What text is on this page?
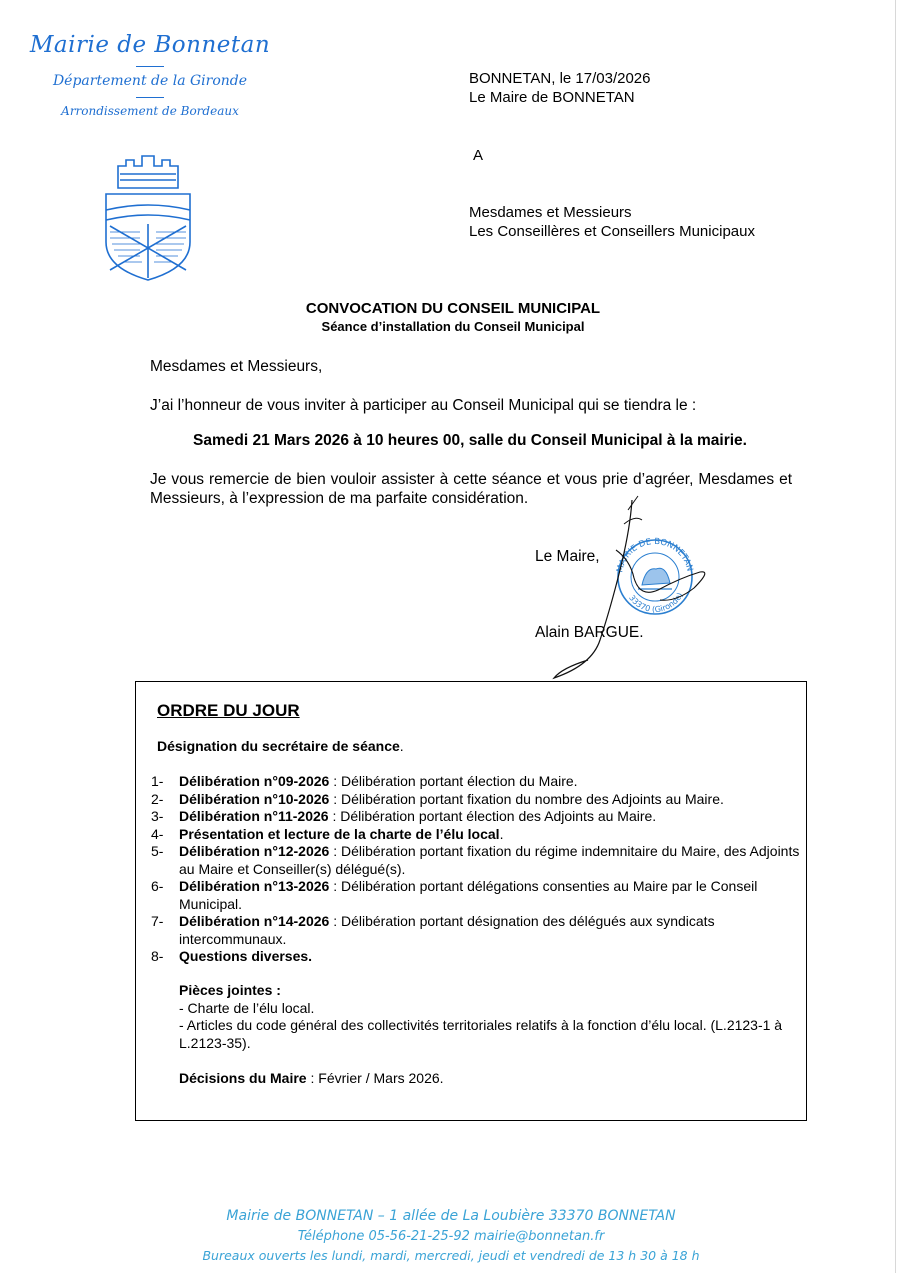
Mairie de Bonnetan
Département de la Gironde
Arrondissement de Bordeaux
BONNETAN, le 17/03/2026
Le Maire de BONNETAN
A
Mesdames et Messieurs
Les Conseillères et Conseillers Municipaux
CONVOCATION DU CONSEIL MUNICIPAL
Séance d’installation du Conseil Municipal
Mesdames et Messieurs,
J’ai l’honneur de vous inviter à participer au Conseil Municipal qui se tiendra le :
Samedi 21 Mars 2026 à 10 heures 00, salle du Conseil Municipal à la mairie.
Je vous remercie de bien vouloir assister à cette séance et vous prie d’agréer, Mesdames et Messieurs, à l’expression de ma parfaite considération.
Le Maire,
Alain BARGUE.
MAIRIE DE BONNETAN
33370 (Gironde)
ORDRE DU JOUR
Désignation du secrétaire de séance.
1-	Délibération n°09-2026 : Délibération portant élection du Maire.
2-	Délibération n°10-2026 : Délibération portant fixation du nombre des Adjoints au Maire.
3-	Délibération n°11-2026 : Délibération portant élection des Adjoints au Maire.
4-	Présentation et lecture de la charte de l’élu local.
5-	Délibération n°12-2026 : Délibération portant fixation du régime indemnitaire du Maire, des Adjoints au Maire et Conseiller(s) délégué(s).
6-	Délibération n°13-2026 : Délibération portant délégations consenties au Maire par le Conseil Municipal.
7-	Délibération n°14-2026 : Délibération portant désignation des délégués aux syndicats intercommunaux.
8-	Questions diverses.
Pièces jointes :
- Charte de l’élu local.
- Articles du code général des collectivités territoriales relatifs à la fonction d’élu local. (L.2123-1 à L.2123-35).
Décisions du Maire : Février / Mars 2026.
Mairie de BONNETAN – 1 allée de La Loubière 33370 BONNETAN
Téléphone 05-56-21-25-92 mairie@bonnetan.fr
Bureaux ouverts les lundi, mardi, mercredi, jeudi et vendredi de 13 h 30 à 18 h
